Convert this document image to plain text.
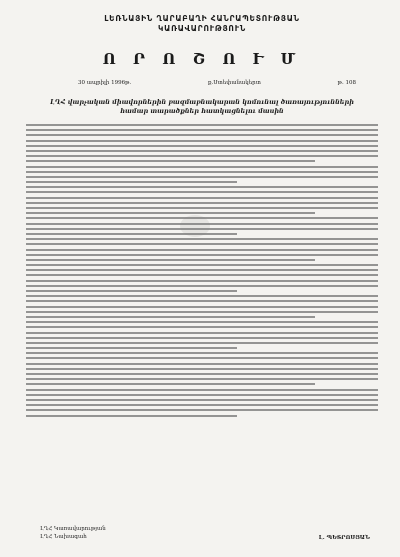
ԼԵՌՆԱՅԻՆ ՂԱՐԱԲԱՂԻ ՀԱՆՐԱՊԵՏՈՒԹՅԱՆ
ԿԱՌԱՎԱՐՈՒԹՅՈՒՆ
Ո Ր Ո Շ Ո Ւ Մ
30 ապրիլի 1996թ.	ք.Ստեփանակերտ	թ. 108
ԼՂՀ վարչական միավորներին բազմաբնակարան կոմունալ ծառայությունների համար տարածքներ հատկացնելու մասին
ԼՂՀ Կառավարության
ԼՂՀ Նախագահ	Լ. ՊԵՏՐՈՍՅԱՆ
